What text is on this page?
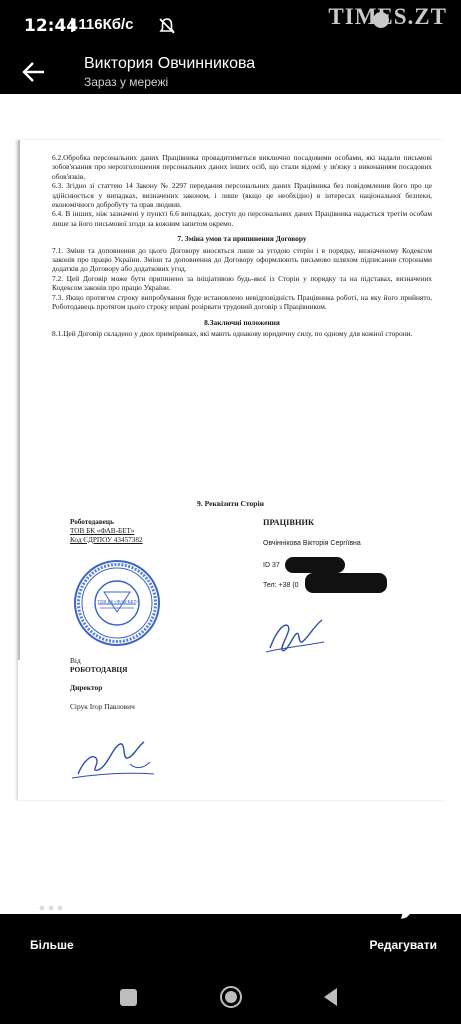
12:44
| 116Кб/с	TIMES.ZT
Виктория Овчинникова
Зараз у мережі

6.2.Обробка персональних даних Працівника провадитиметься виключно посадовими особами, які надали письмові зобов'язання про нерозголошення персональних даних інших осіб, що стали відомі у зв'язку з виконанням посадових обов'язків.

6.3. Згідно зі статтею 14 Закону № 2297 передання персональних даних Працівника без повідомлення його про це здійснюється у випадках, визначених законом, і лише (якщо це необхідно) в інтересах національної безпеки, економічного добробуту та прав людини.

6.4. В інших, ніж зазначені у пункті 6.6 випадках, доступ до персональних даних Працівника надається третім особам лише за його письмової згоди за кожним запитом окремо.

7. Зміна умов та припинення Договору

7.1. Зміни та доповнення до цього Договору вносяться лише за угодою сторін і в порядку, визначеному Кодексом законів про працю України. Зміни та доповнення до Договору оформлюють письмово шляхом підписання сторонами додатків до Договору або додаткових угод.

7.2. Цей Договір може бути припинено за ініціативою будь-якої із Сторін у порядку та на підставах, визначених Кодексом законів про працю України.

7.3. Якщо протягом строку випробування буде встановлено невідповідність Працівника роботі, на яку його прийнято, Роботодавець протягом цього строку вправі розірвати трудовий договір з Працівником.

8.Заключні положення

8.1.Цей Договір складено у двох примірниках, які мають однакову юридичну силу, по одному для кожної сторони.

9. Реквізити Сторін
Роботодавець
ТОВ БК «ФАВ-БЕТ»
Код ЄДРПОУ 43457382
ПРАЦІВНИК
Овчіннікова Вікторія Сергіївна
ID 37
Тел: +38 (0
ТОВ БК «ФАВ-БЕТ»
Від
РОБОТОДАВЦЯ
Директор
Сірук Ігор Павлович
Більше	Редагувати
